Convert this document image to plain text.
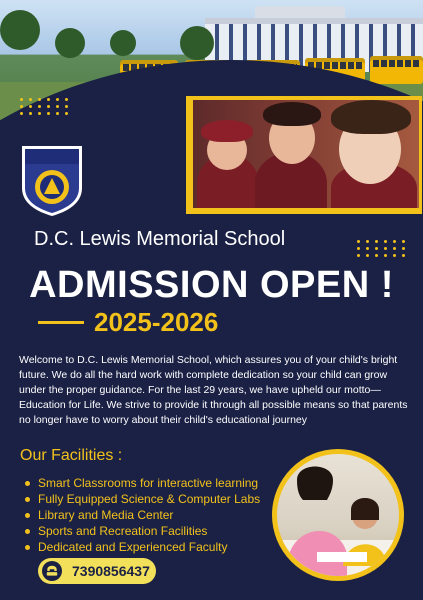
D.C. Lewis Memorial School
ADMISSION OPEN !
2025-2026
Welcome to D.C. Lewis Memorial School, which assures you of your child's bright future. We do all the hard work with complete dedication so your child can grow under the proper guidance. For the last 29 years, we have upheld our motto—Education for Life. We strive to provide it through all possible means so that parents no longer have to worry about their child's educational journey
Our Facilities :
Smart Classrooms for interactive learning
Fully Equipped Science & Computer Labs
Library and Media Center
Sports and Recreation Facilities
Dedicated and Experienced Faculty
7390856437
